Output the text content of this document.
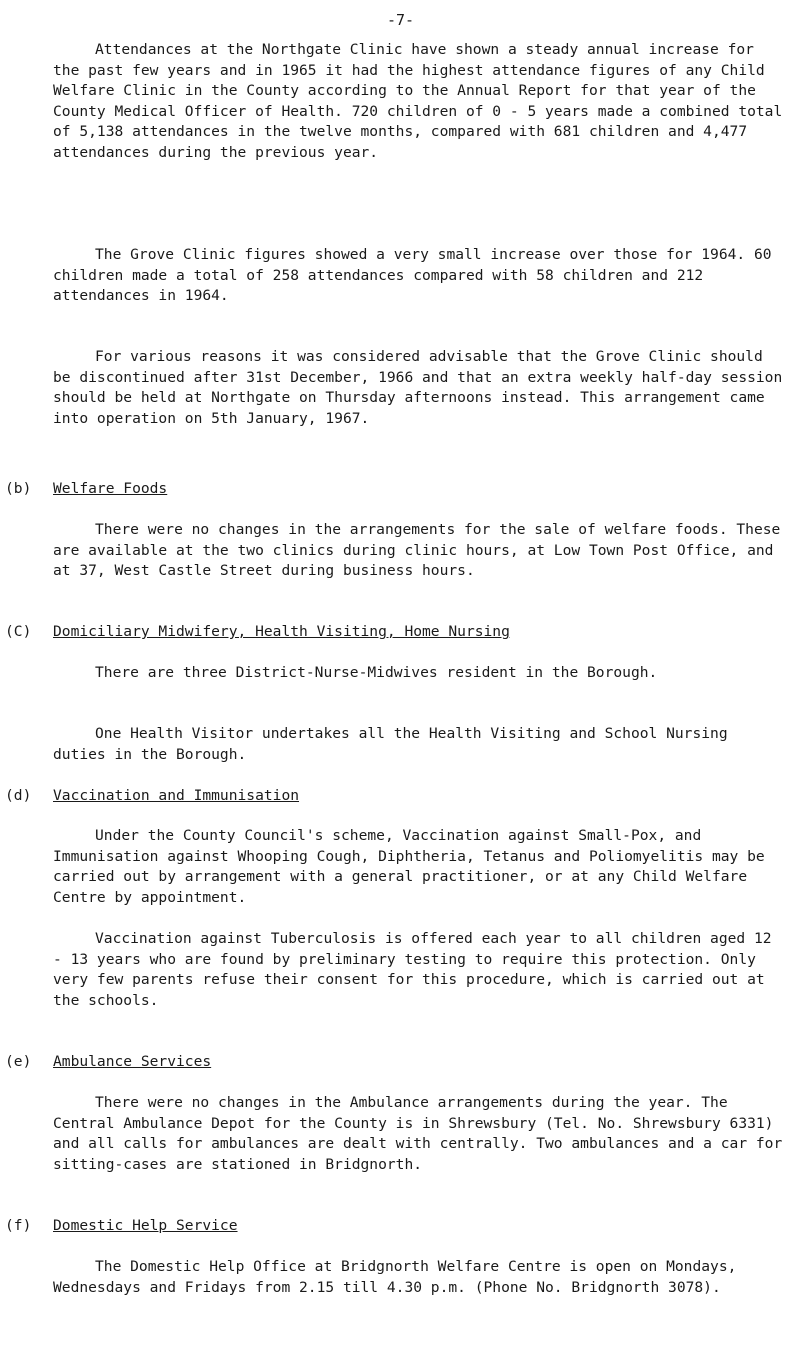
-7-

Attendances at the Northgate Clinic have shown a steady annual increase for the past few years and in 1965 it had the highest attendance figures of any Child Welfare Clinic in the County according to the Annual Report for that year of the County Medical Officer of Health. 720 children of 0 - 5 years made a combined total of 5,138 attendances in the twelve months, compared with 681 children and 4,477 attendances during the previous year.

The Grove Clinic figures showed a very small increase over those for 1964. 60 children made a total of 258 attendances compared with 58 children and 212 attendances in 1964.

For various reasons it was considered advisable that the Grove Clinic should be discontinued after 31st December, 1966 and that an extra weekly half-day session should be held at Northgate on Thursday afternoons instead. This arrangement came into operation on 5th January, 1967.

(b) Welfare Foods

There were no changes in the arrangements for the sale of welfare foods. These are available at the two clinics during clinic hours, at Low Town Post Office, and at 37, West Castle Street during business hours.

(C) Domiciliary Midwifery, Health Visiting, Home Nursing

There are three District-Nurse-Midwives resident in the Borough.

One Health Visitor undertakes all the Health Visiting and School Nursing duties in the Borough.

(d) Vaccination and Immunisation

Under the County Council's scheme, Vaccination against Small-Pox, and Immunisation against Whooping Cough, Diphtheria, Tetanus and Poliomyelitis may be carried out by arrangement with a general practitioner, or at any Child Welfare Centre by appointment.

Vaccination against Tuberculosis is offered each year to all children aged 12 - 13 years who are found by preliminary testing to require this protection. Only very few parents refuse their consent for this procedure, which is carried out at the schools.

(e) Ambulance Services

There were no changes in the Ambulance arrangements during the year. The Central Ambulance Depot for the County is in Shrewsbury (Tel. No. Shrewsbury 6331) and all calls for ambulances are dealt with centrally. Two ambulances and a car for sitting-cases are stationed in Bridgnorth.

(f) Domestic Help Service

The Domestic Help Office at Bridgnorth Welfare Centre is open on Mondays, Wednesdays and Fridays from 2.15 till 4.30 p.m. (Phone No. Bridgnorth 3078).
